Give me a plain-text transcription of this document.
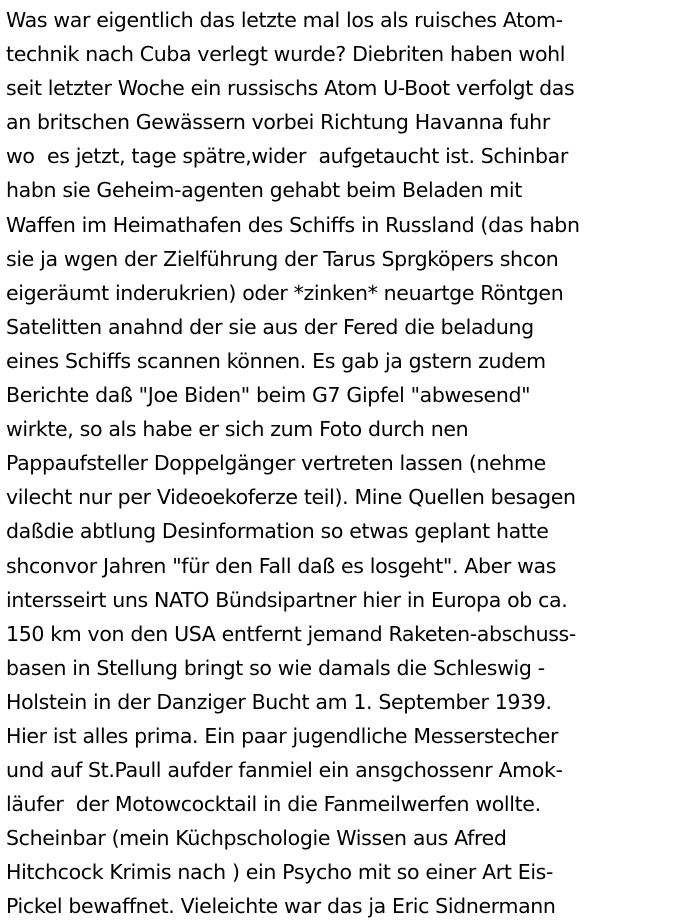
Was war eigentlich das letzte mal los als ruisches Atom-
technik nach Cuba verlegt wurde? Diebriten haben wohl
seit letzter Woche ein russischs Atom U-Boot verfolgt das
an britschen Gewässern vorbei Richtung Havanna fuhr
wo  es jetzt, tage spätre,wider  aufgetaucht ist. Schinbar
habn sie Geheim-agenten gehabt beim Beladen mit
Waffen im Heimathafen des Schiffs in Russland (das habn
sie ja wgen der Zielführung der Tarus Sprgköpers shcon
eigeräumt inderukrien) oder *zinken* neuartge Röntgen
Satelitten anahnd der sie aus der Fered die beladung
eines Schiffs scannen können. Es gab ja gstern zudem
Berichte daß "Joe Biden" beim G7 Gipfel "abwesend"
wirkte, so als habe er sich zum Foto durch nen
Pappaufsteller Doppelgänger vertreten lassen (nehme
vilecht nur per Videoekoferze teil). Mine Quellen besagen
daßdie abtlung Desinformation so etwas geplant hatte
shconvor Jahren "für den Fall daß es losgeht". Aber was
intersseirt uns NATO Bündsipartner hier in Europa ob ca.
150 km von den USA entfernt jemand Raketen-abschuss-
basen in Stellung bringt so wie damals die Schleswig -
Holstein in der Danziger Bucht am 1. September 1939.
Hier ist alles prima. Ein paar jugendliche Messerstecher
und auf St.Paull aufder fanmiel ein ansgchossenr Amok-
läufer  der Motowcocktail in die Fanmeilwerfen wollte.
Scheinbar (mein Küchpschologie Wissen aus Afred
Hitchcock Krimis nach ) ein Psycho mit so einer Art Eis-
Pickel bewaffnet. Vieleichte war das ja Eric Sidnermann
